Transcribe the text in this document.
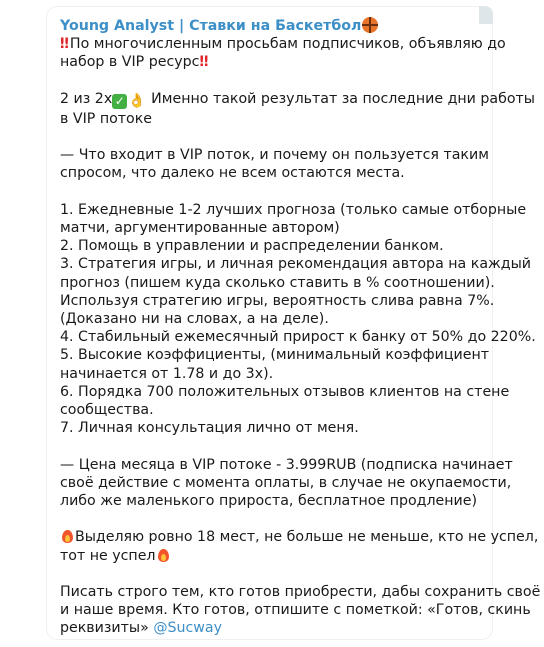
Young Analyst | Ставки на Баскетбол
‼ По многочисленным просьбам подписчиков, объявляю до
набор в VIP ресурс‼
2 из 2х ✓ 👌 Именно такой результат за последние дни работы
в VIP потоке
— Что входит в VIP поток, и почему он пользуется таким
спросом, что далеко не всем остаются места.
1. Ежедневные 1-2 лучших прогноза (только самые отборные
матчи, аргументированные автором)
2. Помощь в управлении и распределении банком.
3. Стратегия игры, и личная рекомендация автора на каждый
прогноз (пишем куда сколько ставить в % соотношении).
Используя стратегию игры, вероятность слива равна 7%.
(Доказано ни на словах, а на деле).
4. Стабильный ежемесячный прирост к банку от 50% до 220%.
5. Высокие коэффициенты, (минимальный коэффициент
начинается от 1.78 и до 3х).
6. Порядка 700 положительных отзывов клиентов на стене
сообщества.
7. Личная консультация лично от меня.
— Цена месяца в VIP потоке - 3.999RUB (подписка начинает
своё действие с момента оплаты, в случае не окупаемости,
либо же маленького прироста, бесплатное продление)
Выделяю ровно 18 мест, не больше не меньше, кто не успел,
тот не успел
Писать строго тем, кто готов приобрести, дабы сохранить своё
и наше время. Кто готов, отпишите с пометкой: «Готов, скинь
реквизиты» @Sucway
